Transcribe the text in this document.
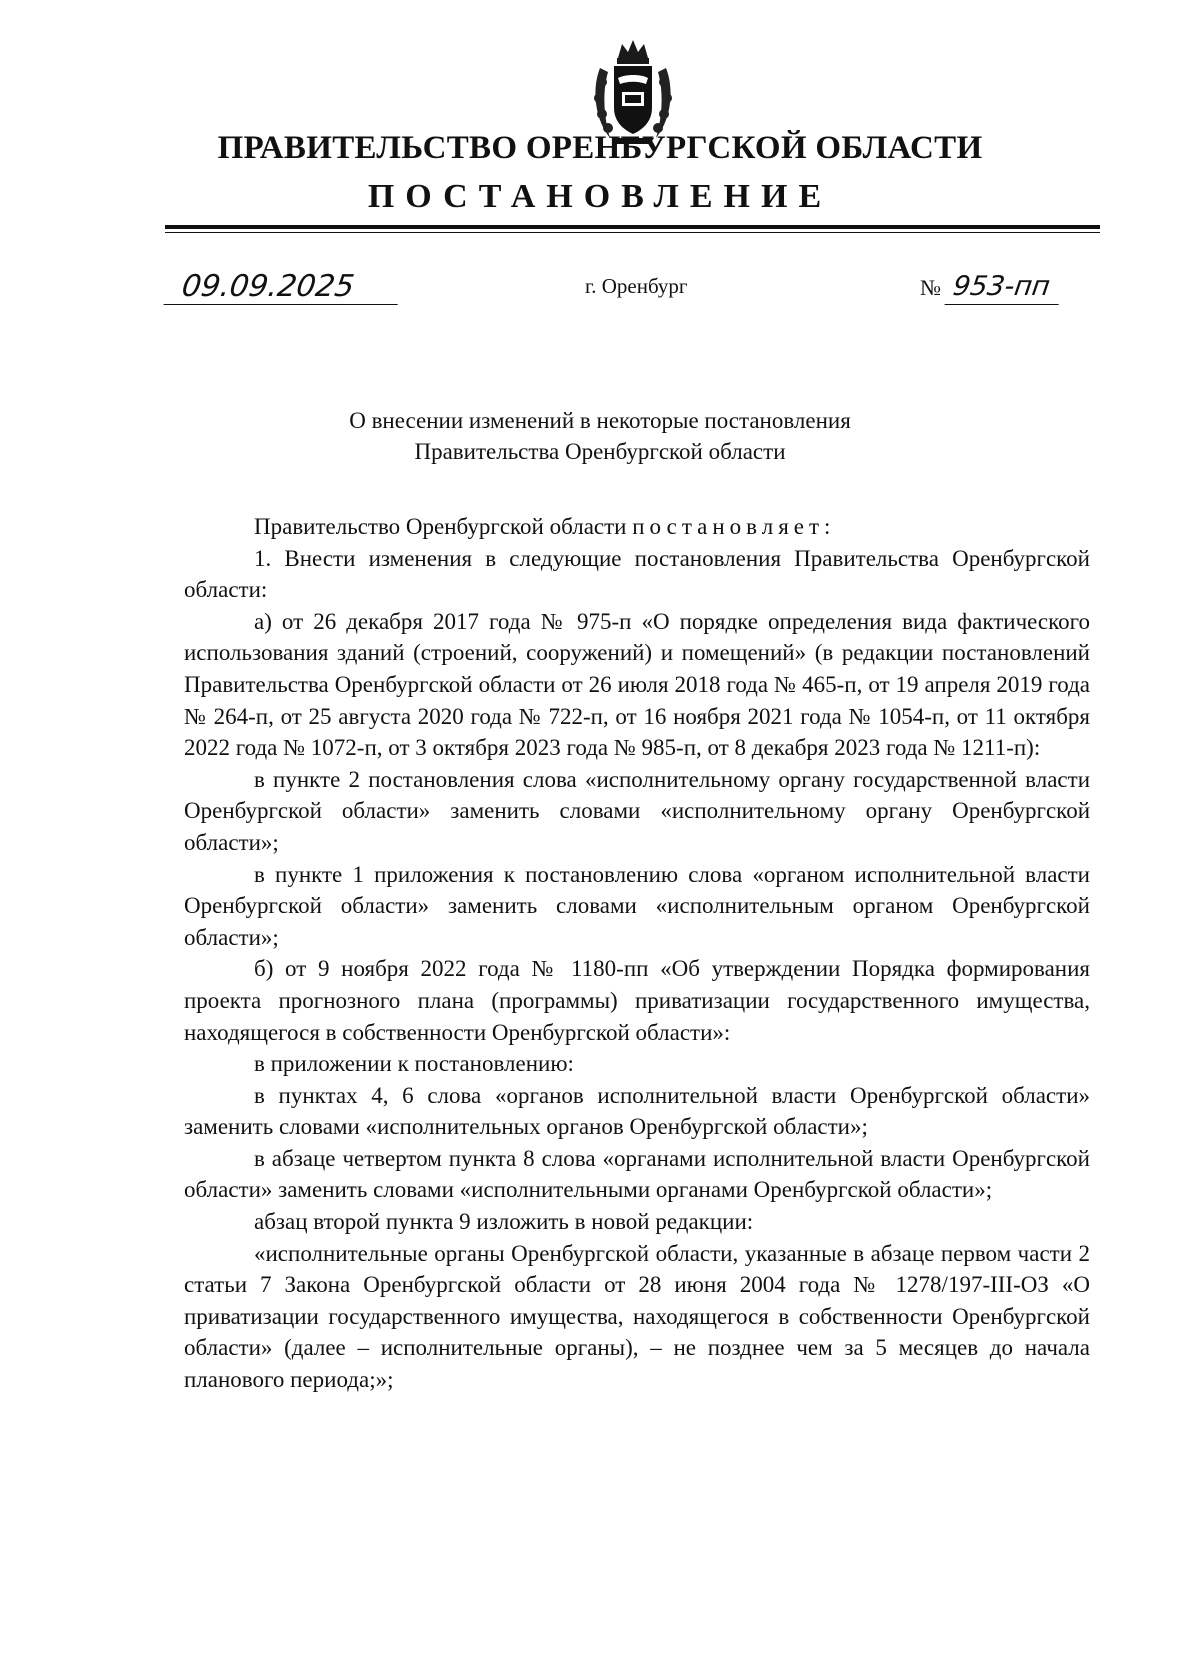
ПРАВИТЕЛЬСТВО ОРЕНБУРГСКОЙ ОБЛАСТИ
ПОСТАНОВЛЕНИЕ
09.09.2025	г. Оренбург	№ 953-пп
О внесении изменений в некоторые постановления
Правительства Оренбургской области

Правительство Оренбургской области постановляет:

1. Внести изменения в следующие постановления Правительства Оренбургской области:

а) от 26 декабря 2017 года № 975-п «О порядке определения вида фактического использования зданий (строений, сооружений) и помещений» (в редакции постановлений Правительства Оренбургской области от 26 июля 2018 года № 465-п, от 19 апреля 2019 года № 264-п, от 25 августа 2020 года № 722-п, от 16 ноября 2021 года № 1054-п, от 11 октября 2022 года № 1072-п, от 3 октября 2023 года № 985-п, от 8 декабря 2023 года № 1211-п):

в пункте 2 постановления слова «исполнительному органу государственной власти Оренбургской области» заменить словами «исполнительному органу Оренбургской области»;

в пункте 1 приложения к постановлению слова «органом исполнительной власти Оренбургской области» заменить словами «исполнительным органом Оренбургской области»;

б) от 9 ноября 2022 года № 1180-пп «Об утверждении Порядка формирования проекта прогнозного плана (программы) приватизации государственного имущества, находящегося в собственности Оренбургской области»:

в приложении к постановлению:

в пунктах 4, 6 слова «органов исполнительной власти Оренбургской области» заменить словами «исполнительных органов Оренбургской области»;

в абзаце четвертом пункта 8 слова «органами исполнительной власти Оренбургской области» заменить словами «исполнительными органами Оренбургской области»;

абзац второй пункта 9 изложить в новой редакции:

«исполнительные органы Оренбургской области, указанные в абзаце первом части 2 статьи 7 Закона Оренбургской области от 28 июня 2004 года № 1278/197-III-ОЗ «О приватизации государственного имущества, находящегося в собственности Оренбургской области» (далее – исполнительные органы), – не позднее чем за 5 месяцев до начала планового периода;»;
